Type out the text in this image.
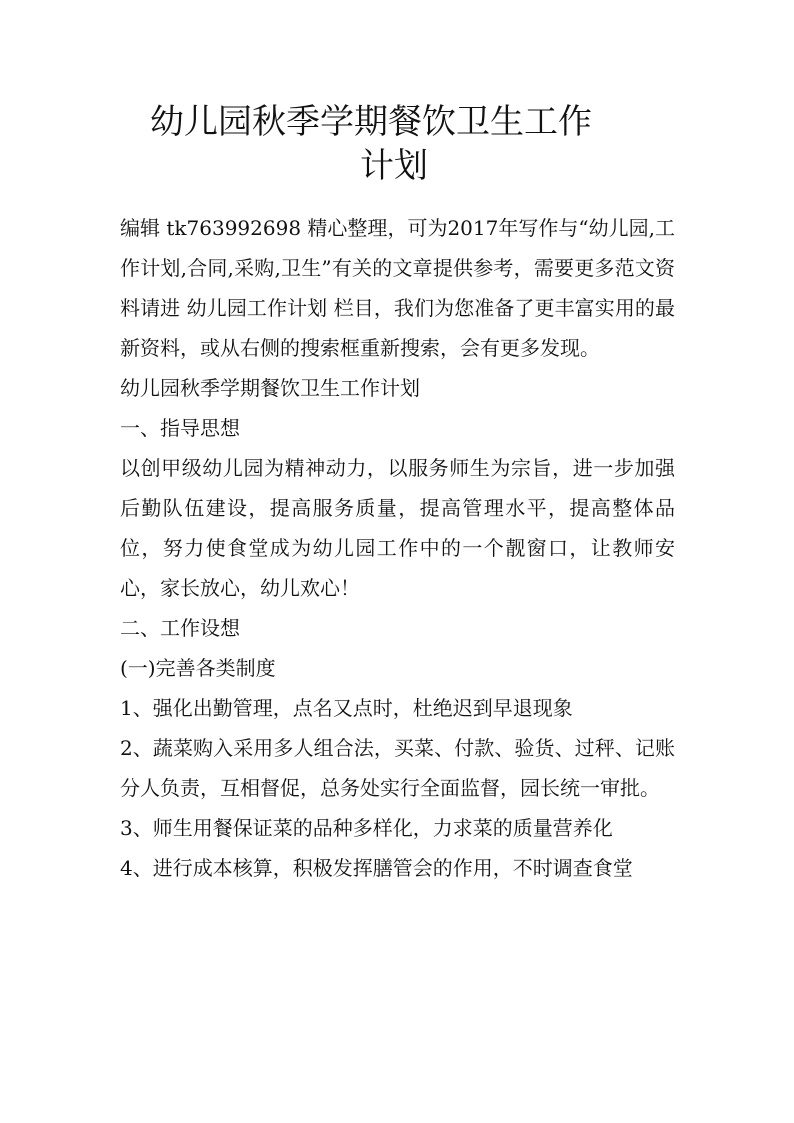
幼儿园秋季学期餐饮卫生工作
计划

编辑 tk763992698 精心整理，可为2017年写作与“幼儿园,工作计划,合同,采购,卫生”有关的文章提供参考，需要更多范文资料请进 幼儿园工作计划 栏目，我们为您准备了更丰富实用的最新资料，或从右侧的搜索框重新搜索，会有更多发现。

幼儿园秋季学期餐饮卫生工作计划

一、指导思想

以创甲级幼儿园为精神动力，以服务师生为宗旨，进一步加强后勤队伍建设，提高服务质量，提高管理水平，提高整体品位，努力使食堂成为幼儿园工作中的一个靓窗口，让教师安心，家长放心，幼儿欢心！

二、工作设想

(一)完善各类制度

1、强化出勤管理，点名又点时，杜绝迟到早退现象

2、蔬菜购入采用多人组合法，买菜、付款、验货、过秤、记账分人负责，互相督促，总务处实行全面监督，园长统一审批。

3、师生用餐保证菜的品种多样化，力求菜的质量营养化

4、进行成本核算，积极发挥膳管会的作用，不时调查食堂
